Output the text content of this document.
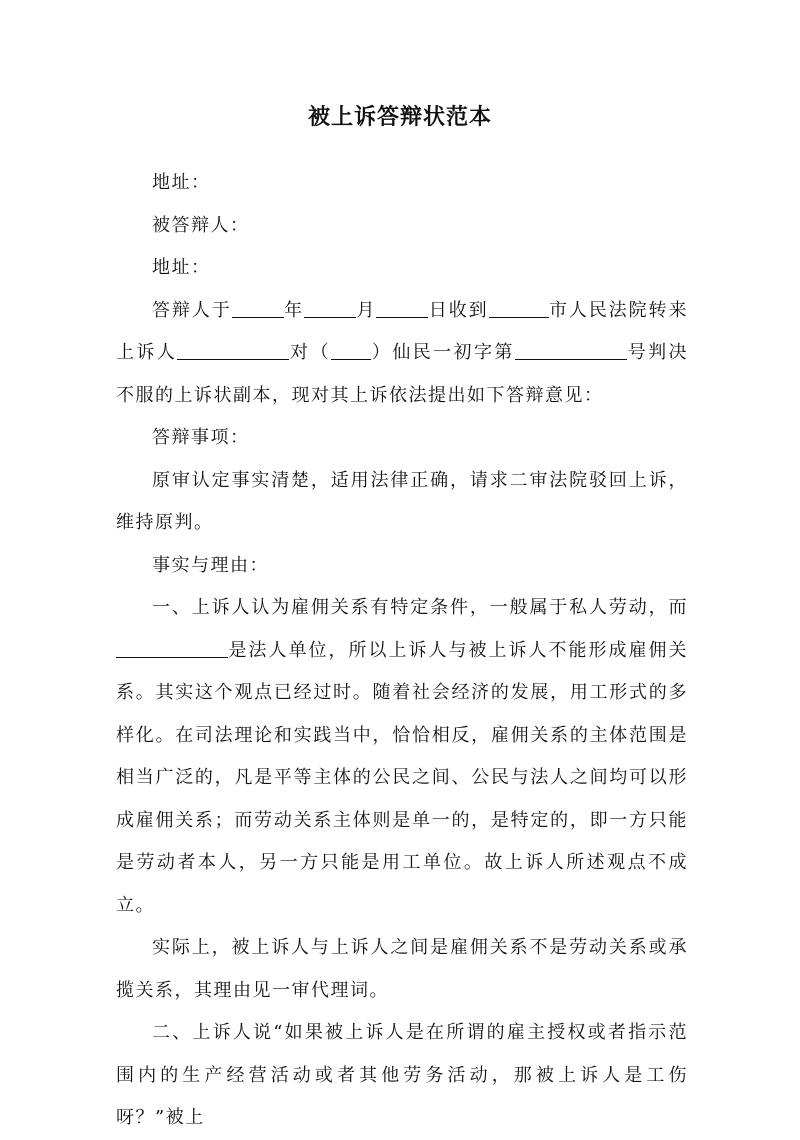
被上诉答辩状范本

地址：

被答辩人：

地址：

答辩人于	年	月	日收到	市人民法院转来上诉人	对（ ）仙民一初字第	号判决不服的上诉状副本，现对其上诉依法提出如下答辩意见：

答辩事项：

原审认定事实清楚，适用法律正确，请求二审法院驳回上诉，维持原判。

事实与理由：

一、上诉人认为雇佣关系有特定条件，一般属于私人劳动，而是法人单位，所以上诉人与被上诉人不能形成雇佣关系。其实这个观点已经过时。随着社会经济的发展，用工形式的多样化。在司法理论和实践当中，恰恰相反，雇佣关系的主体范围是相当广泛的，凡是平等主体的公民之间、公民与法人之间均可以形成雇佣关系；而劳动关系主体则是单一的，是特定的，即一方只能是劳动者本人，另一方只能是用工单位。故上诉人所述观点不成立。

实际上，被上诉人与上诉人之间是雇佣关系不是劳动关系或承揽关系，其理由见一审代理词。

二、上诉人说“如果被上诉人是在所谓的雇主授权或者指示范围内的生产经营活动或者其他劳务活动，那被上诉人是工伤呀？”被上
